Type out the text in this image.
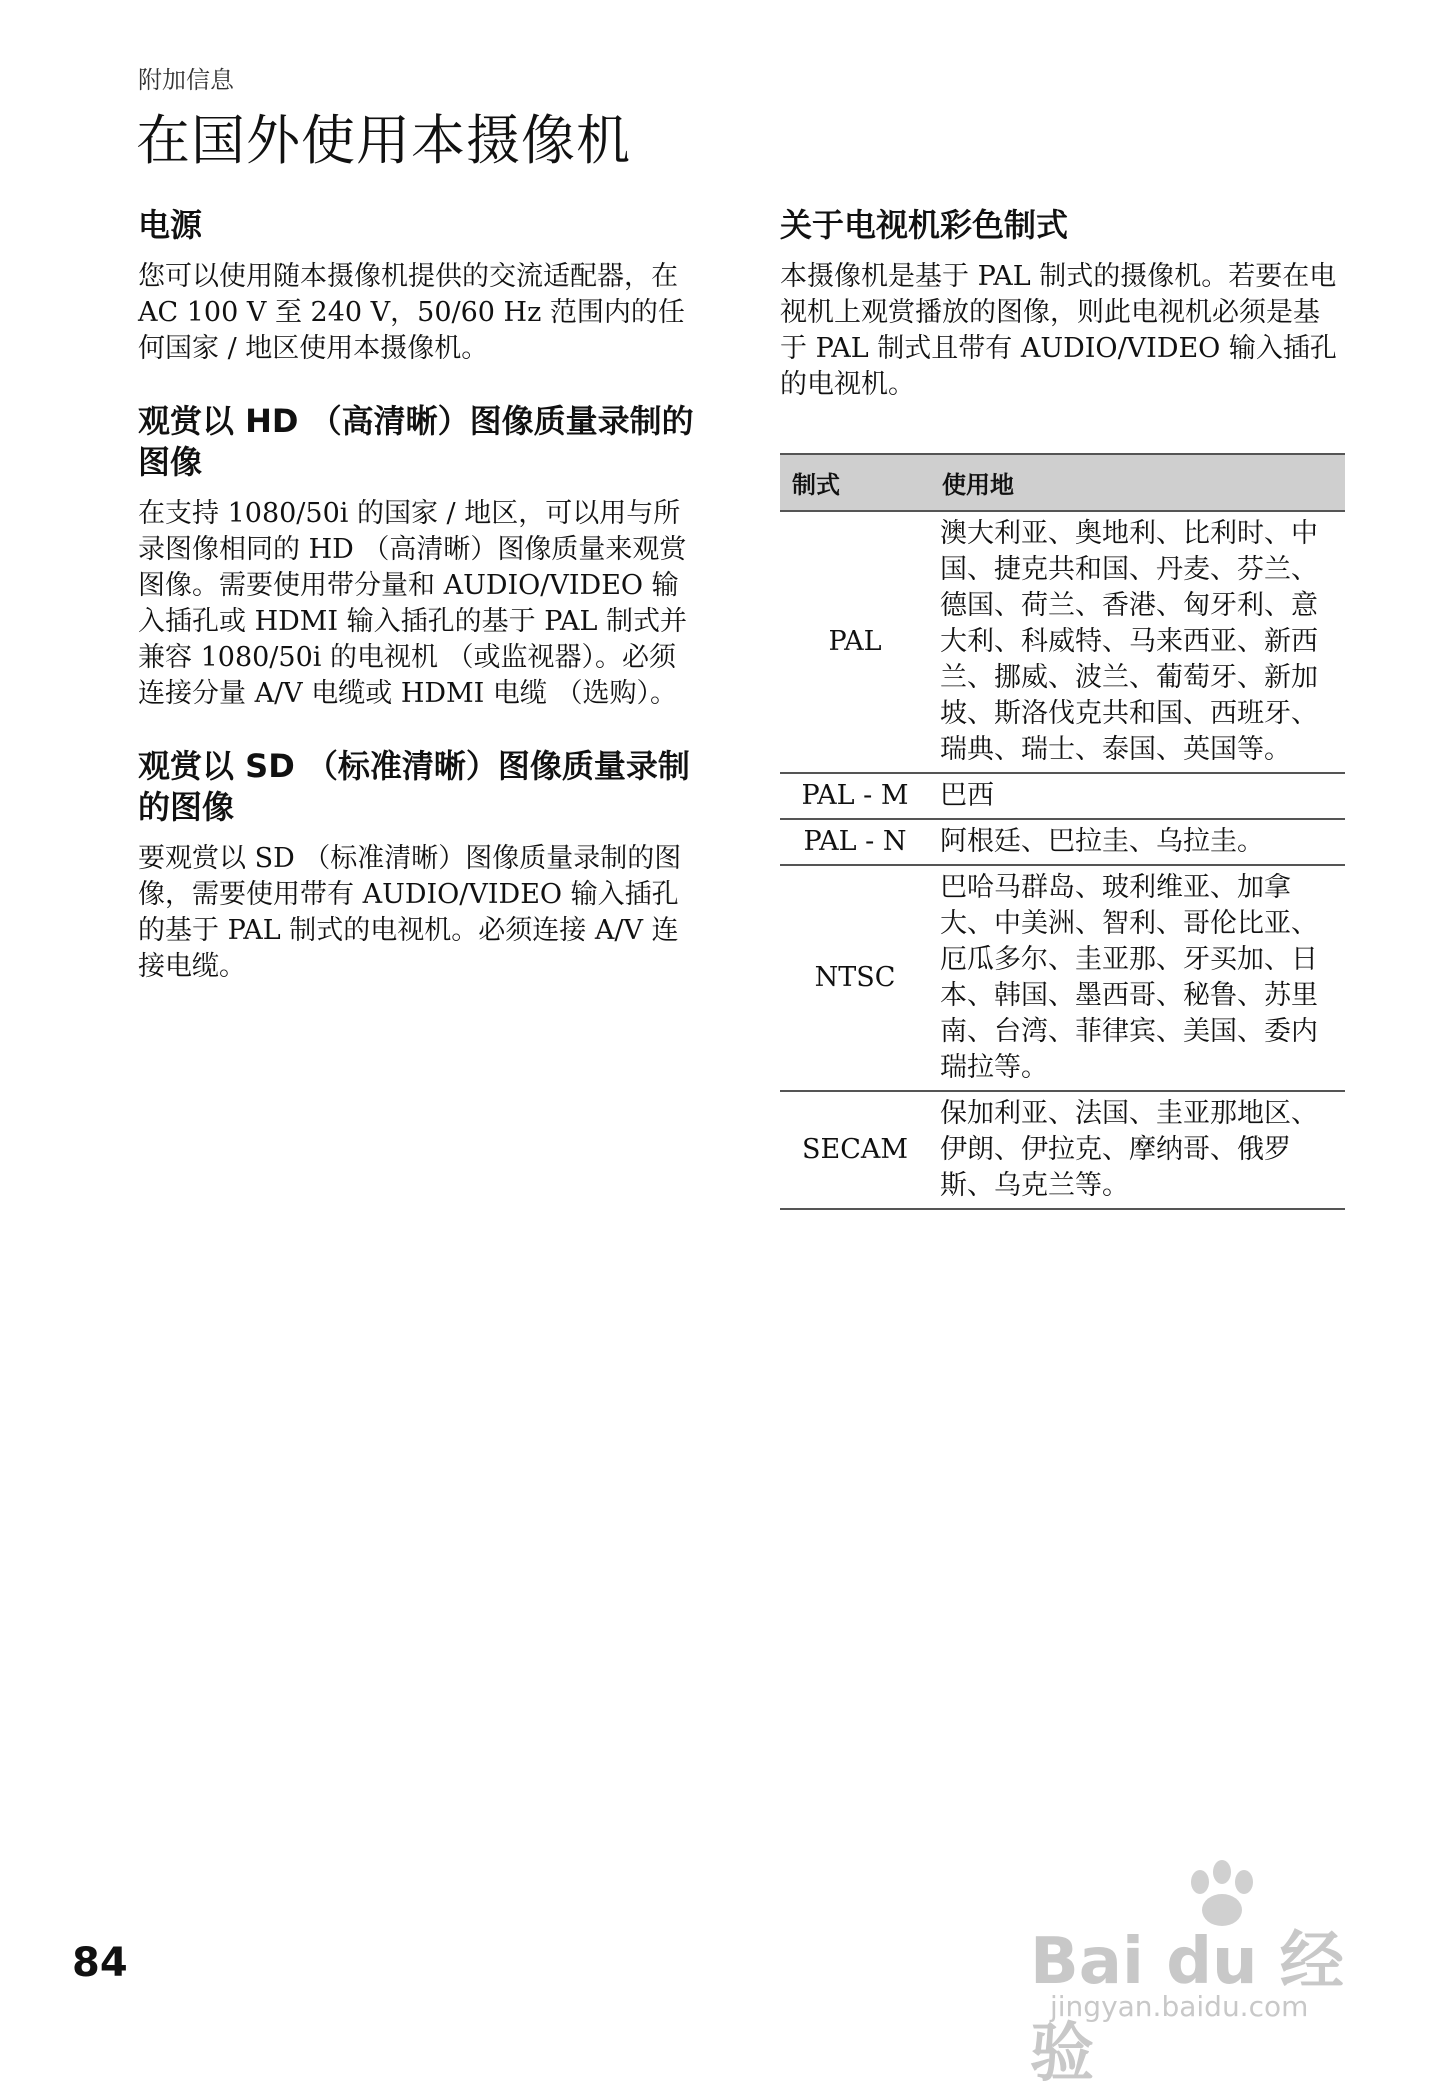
附加信息
在国外使用本摄像机
电源

您可以使用随本摄像机提供的交流适配器，在 AC 100 V 至 240 V，50/60 Hz 范围内的任何国家 / 地区使用本摄像机。

观赏以 HD （高清晰）图像质量录制的图像

在支持 1080/50i 的国家 / 地区，可以用与所录图像相同的 HD （高清晰）图像质量来观赏图像。需要使用带分量和 AUDIO/VIDEO 输入插孔或 HDMI 输入插孔的基于 PAL 制式并兼容 1080/50i 的电视机 （或监视器）。必须连接分量 A/V 电缆或 HDMI 电缆 （选购）。

观赏以 SD （标准清晰）图像质量录制的图像

要观赏以 SD （标准清晰）图像质量录制的图像，需要使用带有 AUDIO/VIDEO 输入插孔的基于 PAL 制式的电视机。必须连接 A/V 连接电缆。

关于电视机彩色制式

本摄像机是基于 PAL 制式的摄像机。若要在电视机上观赏播放的图像，则此电视机必须是基于 PAL 制式且带有 AUDIO/VIDEO 输入插孔的电视机。

制式	使用地
PAL	澳大利亚、奥地利、比利时、中国、捷克共和国、丹麦、芬兰、德国、荷兰、香港、匈牙利、意大利、科威特、马来西亚、新西兰、挪威、波兰、葡萄牙、新加坡、斯洛伐克共和国、西班牙、瑞典、瑞士、泰国、英国等。
PAL - M	巴西
PAL - N	阿根廷、巴拉圭、乌拉圭。
NTSC	巴哈马群岛、玻利维亚、加拿大、中美洲、智利、哥伦比亚、厄瓜多尔、圭亚那、牙买加、日本、韩国、墨西哥、秘鲁、苏里南、台湾、菲律宾、美国、委内瑞拉等。
SECAM	保加利亚、法国、圭亚那地区、伊朗、伊拉克、摩纳哥、俄罗斯、乌克兰等。
84	Bai du 经验
jingyan.baidu.com
